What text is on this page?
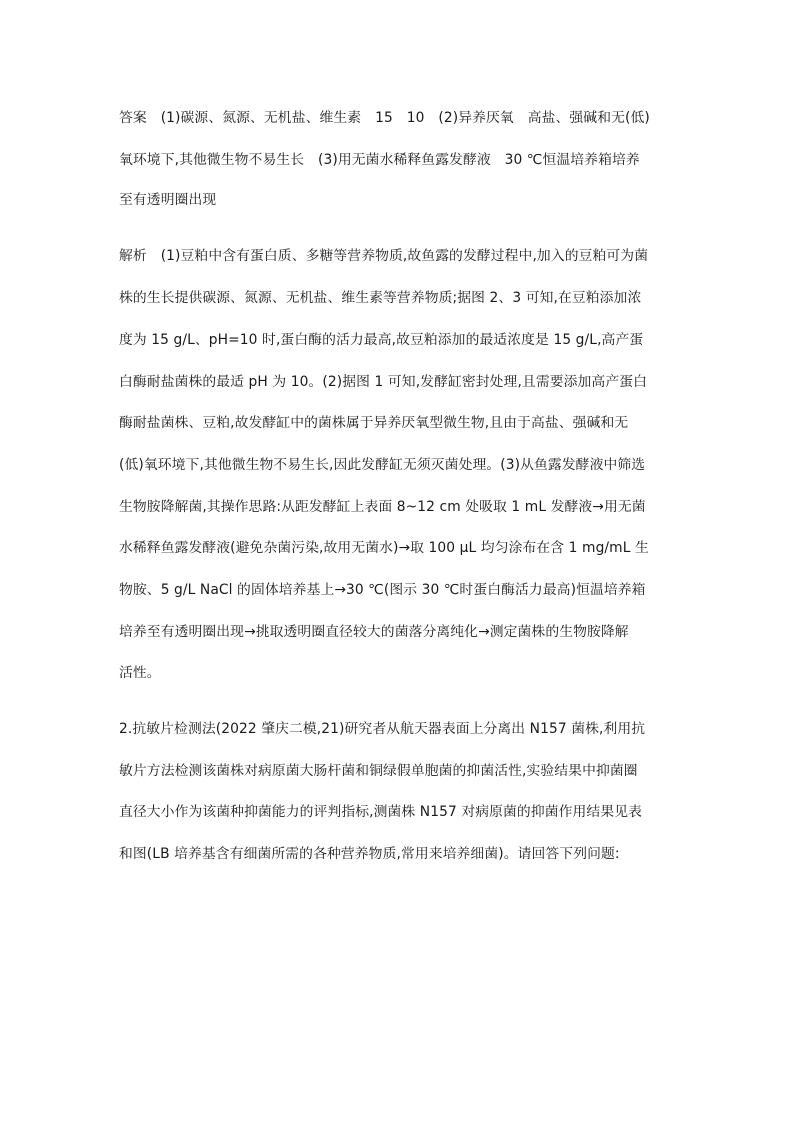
答案　(1)碳源、氮源、无机盐、维生素　15　10　(2)异养厌氧　高盐、强碱和无(低)
氧环境下,其他微生物不易生长　(3)用无菌水稀释鱼露发酵液　30 ℃恒温培养箱培养
至有透明圈出现
解析　(1)豆粕中含有蛋白质、多糖等营养物质,故鱼露的发酵过程中,加入的豆粕可为菌
株的生长提供碳源、氮源、无机盐、维生素等营养物质;据图 2、3 可知,在豆粕添加浓
度为 15 g/L、pH=10 时,蛋白酶的活力最高,故豆粕添加的最适浓度是 15 g/L,高产蛋
白酶耐盐菌株的最适 pH 为 10。(2)据图 1 可知,发酵缸密封处理,且需要添加高产蛋白
酶耐盐菌株、豆粕,故发酵缸中的菌株属于异养厌氧型微生物,且由于高盐、强碱和无
(低)氧环境下,其他微生物不易生长,因此发酵缸无须灭菌处理。(3)从鱼露发酵液中筛选
生物胺降解菌,其操作思路:从距发酵缸上表面 8~12 cm 处吸取 1 mL 发酵液→用无菌
水稀释鱼露发酵液(避免杂菌污染,故用无菌水)→取 100 μL 均匀涂布在含 1 mg/mL 生
物胺、5 g/L NaCl 的固体培养基上→30 ℃(图示 30 ℃时蛋白酶活力最高)恒温培养箱
培养至有透明圈出现→挑取透明圈直径较大的菌落分离纯化→测定菌株的生物胺降解
活性。
2.抗敏片检测法(2022 肇庆二模,21)研究者从航天器表面上分离出 N157 菌株,利用抗
敏片方法检测该菌株对病原菌大肠杆菌和铜绿假单胞菌的抑菌活性,实验结果中抑菌圈
直径大小作为该菌种抑菌能力的评判指标,测菌株 N157 对病原菌的抑菌作用结果见表
和图(LB 培养基含有细菌所需的各种营养物质,常用来培养细菌)。请回答下列问题:
